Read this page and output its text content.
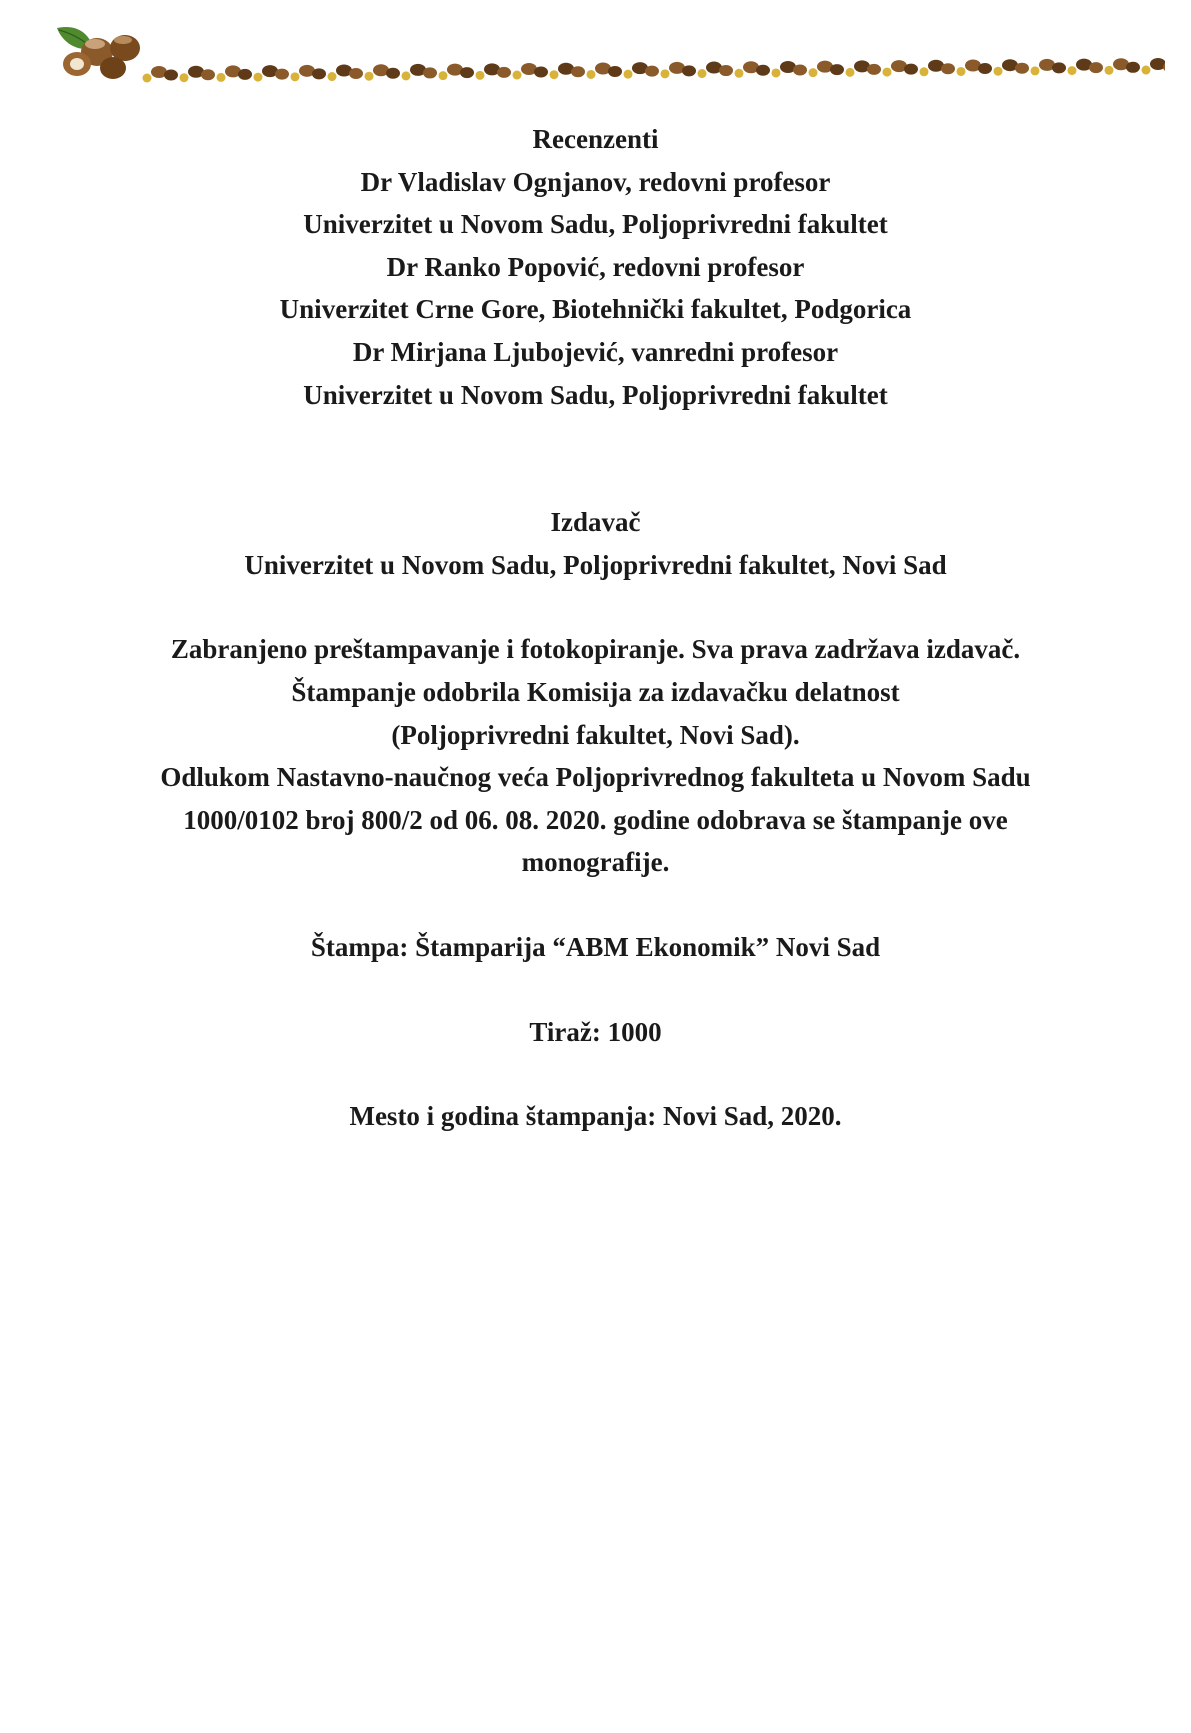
Recenzenti
Dr Vladislav Ognjanov, redovni profesor
Univerzitet u Novom Sadu, Poljoprivredni fakultet
Dr Ranko Popović, redovni profesor
Univerzitet Crne Gore, Biotehnički fakultet, Podgorica
Dr Mirjana Ljubojević, vanredni profesor
Univerzitet u Novom Sadu, Poljoprivredni fakultet
Izdavač
Univerzitet u Novom Sadu, Poljoprivredni fakultet, Novi Sad
Zabranjeno preštampavanje i fotokopiranje. Sva prava zadržava izdavač.
Štampanje odobrila Komisija za izdavačku delatnost
(Poljoprivredni fakultet, Novi Sad).
Odlukom Nastavno-naučnog veća Poljoprivrednog fakulteta u Novom Sadu
1000/0102 broj 800/2 od 06. 08. 2020. godine odobrava se štampanje ove
monografije.
Štampa: Štamparija “ABM Ekonomik” Novi Sad
Tiraž: 1000
Mesto i godina štampanja: Novi Sad, 2020.
